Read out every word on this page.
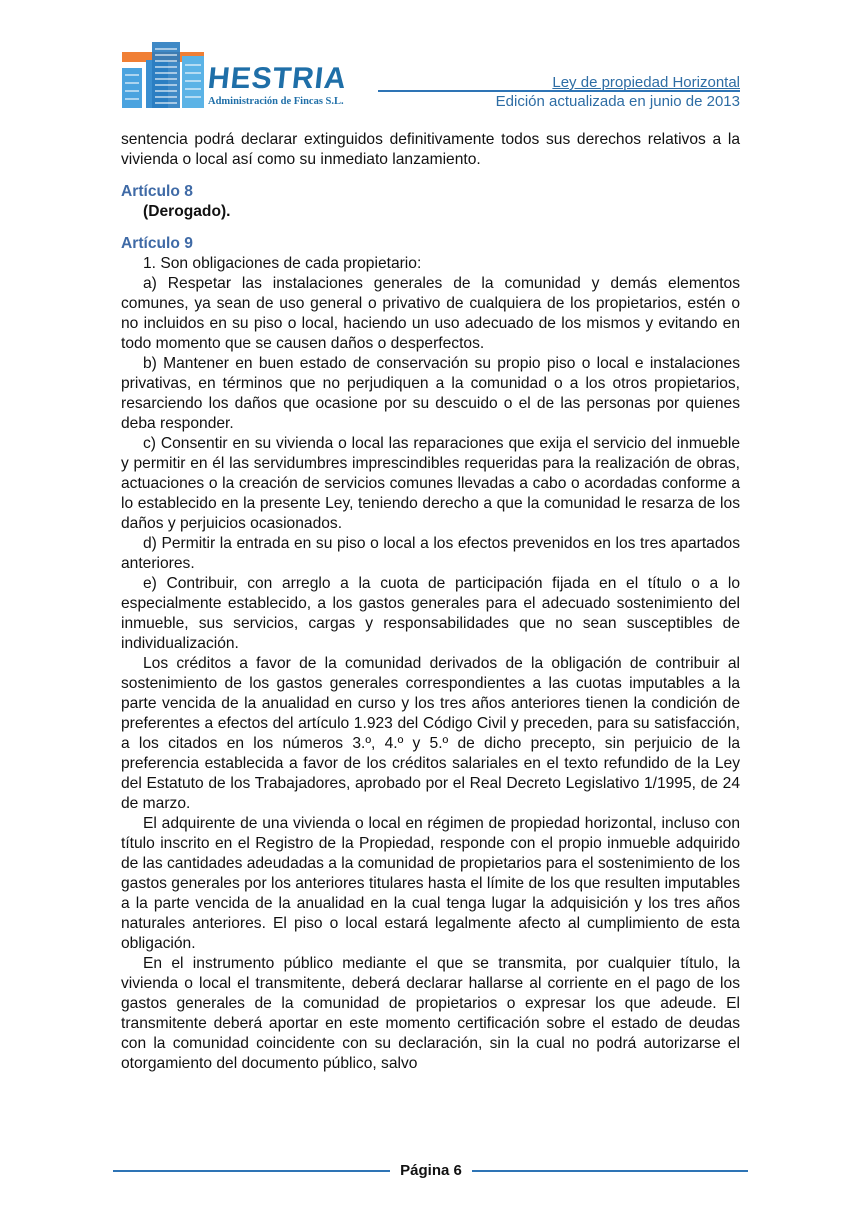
HESTRIA
Administración de Fincas S.L.
Ley de propiedad Horizontal
Edición actualizada en junio de 2013

sentencia podrá declarar extinguidos definitivamente todos sus derechos relativos a la vivienda o local así como su inmediato lanzamiento.

Artículo 8

(Derogado).

Artículo 9

1. Son obligaciones de cada propietario:

a) Respetar las instalaciones generales de la comunidad y demás elementos comunes, ya sean de uso general o privativo de cualquiera de los propietarios, estén o no incluidos en su piso o local, haciendo un uso adecuado de los mismos y evitando en todo momento que se causen daños o desperfectos.

b) Mantener en buen estado de conservación su propio piso o local e instalaciones privativas, en términos que no perjudiquen a la comunidad o a los otros propietarios, resarciendo los daños que ocasione por su descuido o el de las personas por quienes deba responder.

c) Consentir en su vivienda o local las reparaciones que exija el servicio del inmueble y permitir en él las servidumbres imprescindibles requeridas para la realización de obras, actuaciones o la creación de servicios comunes llevadas a cabo o acordadas conforme a lo establecido en la presente Ley, teniendo derecho a que la comunidad le resarza de los daños y perjuicios ocasionados.

d) Permitir la entrada en su piso o local a los efectos prevenidos en los tres apartados anteriores.

e) Contribuir, con arreglo a la cuota de participación fijada en el título o a lo especialmente establecido, a los gastos generales para el adecuado sostenimiento del inmueble, sus servicios, cargas y responsabilidades que no sean susceptibles de individualización.

Los créditos a favor de la comunidad derivados de la obligación de contribuir al sostenimiento de los gastos generales correspondientes a las cuotas imputables a la parte vencida de la anualidad en curso y los tres años anteriores tienen la condición de preferentes a efectos del artículo 1.923 del Código Civil y preceden, para su satisfacción, a los citados en los números 3.º, 4.º y 5.º de dicho precepto, sin perjuicio de la preferencia establecida a favor de los créditos salariales en el texto refundido de la Ley del Estatuto de los Trabajadores, aprobado por el Real Decreto Legislativo 1/1995, de 24 de marzo.

El adquirente de una vivienda o local en régimen de propiedad horizontal, incluso con título inscrito en el Registro de la Propiedad, responde con el propio inmueble adquirido de las cantidades adeudadas a la comunidad de propietarios para el sostenimiento de los gastos generales por los anteriores titulares hasta el límite de los que resulten imputables a la parte vencida de la anualidad en la cual tenga lugar la adquisición y los tres años naturales anteriores. El piso o local estará legalmente afecto al cumplimiento de esta obligación.

En el instrumento público mediante el que se transmita, por cualquier título, la vivienda o local el transmitente, deberá declarar hallarse al corriente en el pago de los gastos generales de la comunidad de propietarios o expresar los que adeude. El transmitente deberá aportar en este momento certificación sobre el estado de deudas con la comunidad coincidente con su declaración, sin la cual no podrá autorizarse el otorgamiento del documento público, salvo

Página 6
